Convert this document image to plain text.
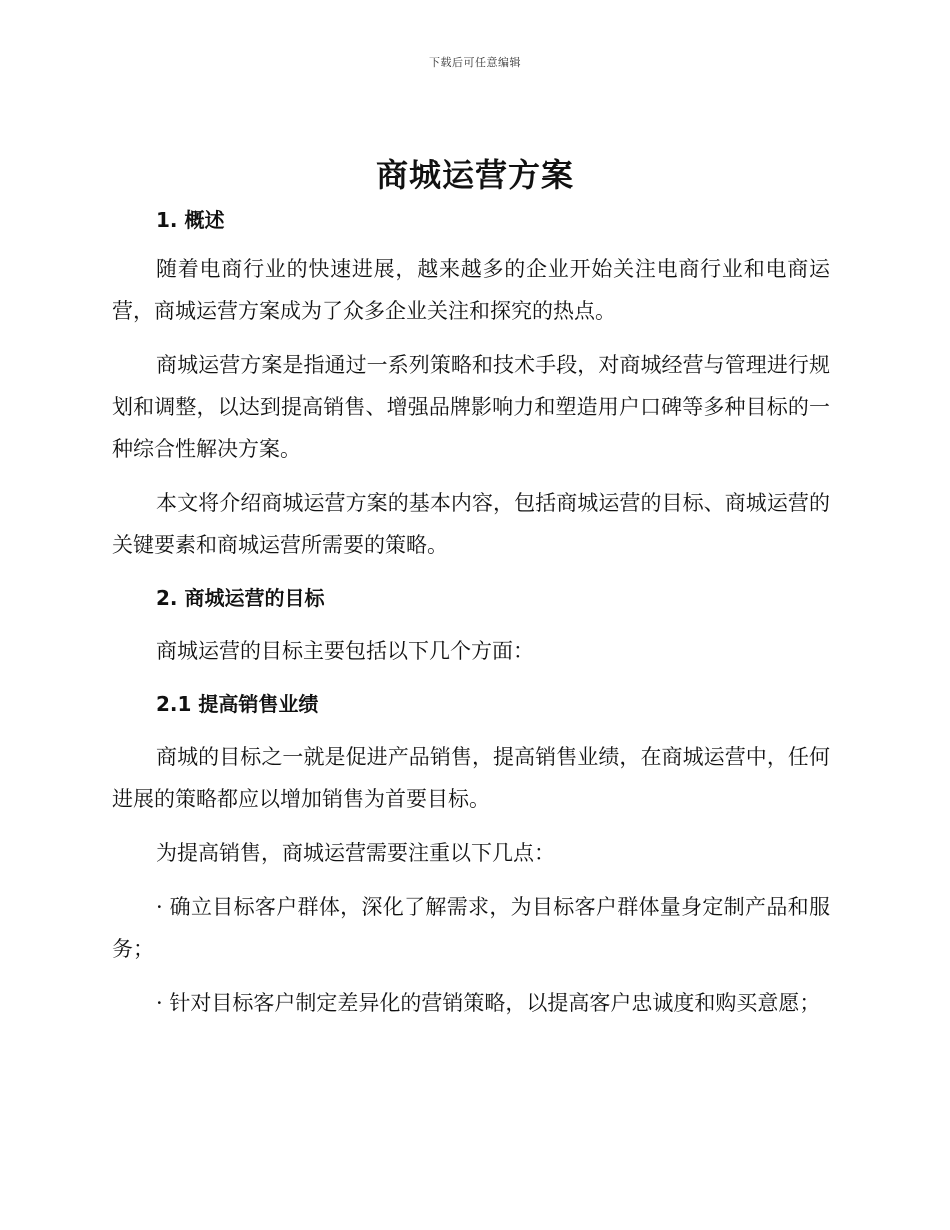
下载后可任意编辑
商城运营方案
1. 概述

随着电商行业的快速进展，越来越多的企业开始关注电商行业和电商运营，商城运营方案成为了众多企业关注和探究的热点。

商城运营方案是指通过一系列策略和技术手段，对商城经营与管理进行规划和调整，以达到提高销售、增强品牌影响力和塑造用户口碑等多种目标的一种综合性解决方案。

本文将介绍商城运营方案的基本内容，包括商城运营的目标、商城运营的关键要素和商城运营所需要的策略。

2. 商城运营的目标

商城运营的目标主要包括以下几个方面：

2.1 提高销售业绩

商城的目标之一就是促进产品销售，提高销售业绩，在商城运营中，任何进展的策略都应以增加销售为首要目标。

为提高销售，商城运营需要注重以下几点：

· 确立目标客户群体，深化了解需求，为目标客户群体量身定制产品和服务；

· 针对目标客户制定差异化的营销策略，以提高客户忠诚度和购买意愿；
